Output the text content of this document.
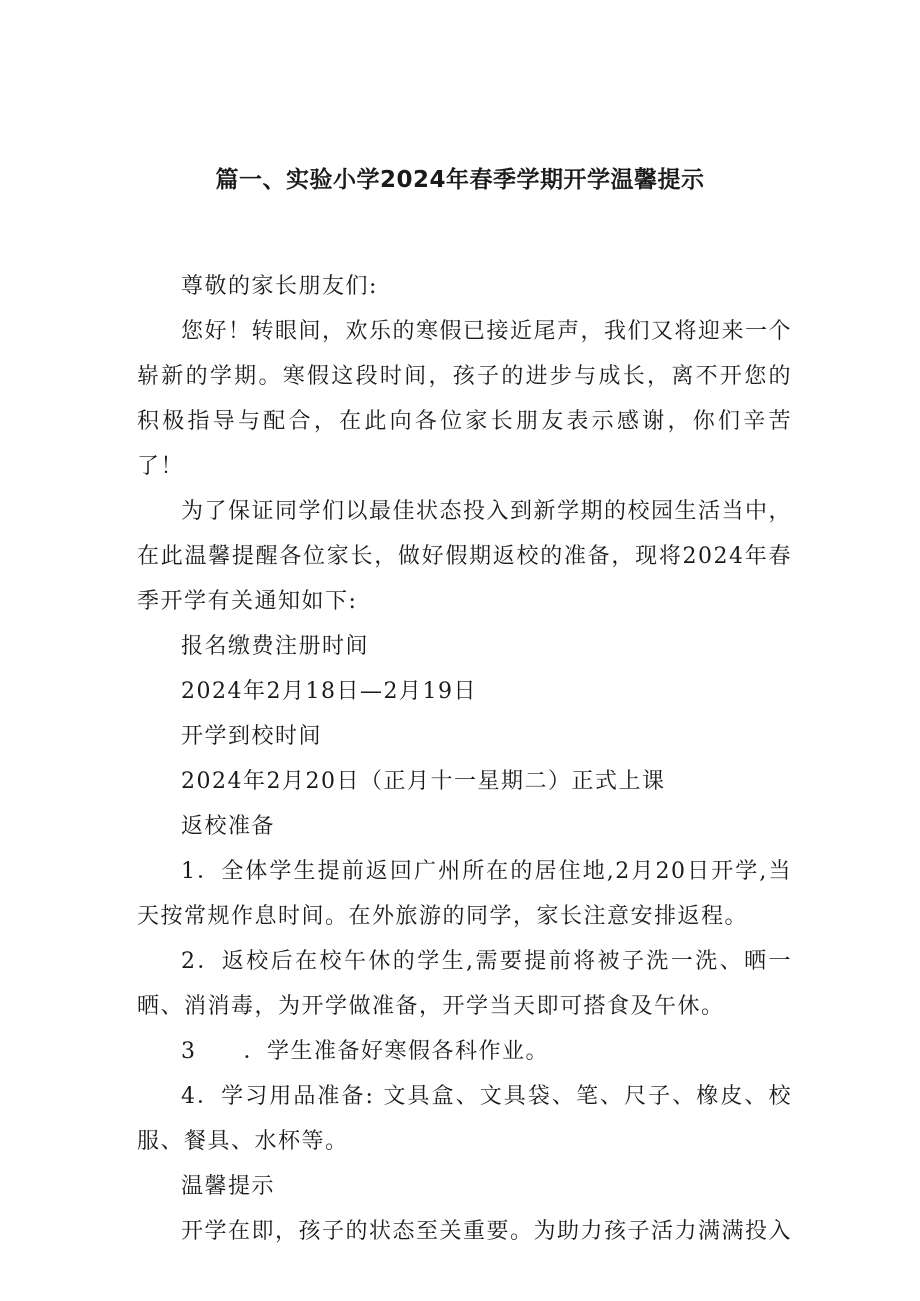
篇一、实验小学2024年春季学期开学温馨提示

尊敬的家长朋友们:

您好！转眼间，欢乐的寒假已接近尾声，我们又将迎来一个崭新的学期。寒假这段时间，孩子的进步与成长，离不开您的积极指导与配合，在此向各位家长朋友表示感谢，你们辛苦了！

为了保证同学们以最佳状态投入到新学期的校园生活当中，在此温馨提醒各位家长，做好假期返校的准备，现将2024年春季开学有关通知如下:

报名缴费注册时间

2024年2月18日—2月19日

开学到校时间

2024年2月20日（正月十一星期二）正式上课

返校准备

1．全体学生提前返回广州所在的居住地,2月20日开学,当天按常规作息时间。在外旅游的同学，家长注意安排返程。

2．返校后在校午休的学生,需要提前将被子洗一洗、晒一晒、消消毒，为开学做准备，开学当天即可搭食及午休。

3　　．学生准备好寒假各科作业。

4．学习用品准备: 文具盒、文具袋、笔、尺子、橡皮、校服、餐具、水杯等。

温馨提示

开学在即，孩子的状态至关重要。为助力孩子活力满满投入
